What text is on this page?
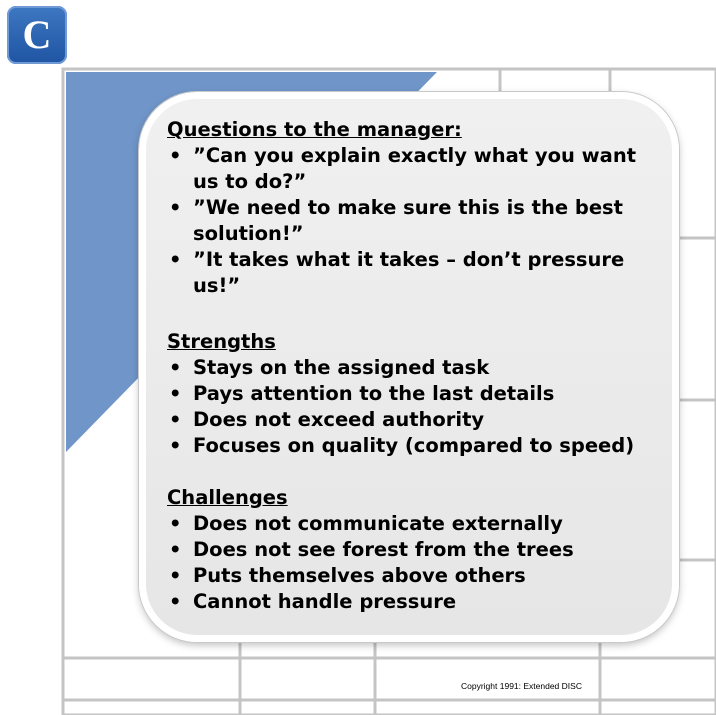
C
Questions to the manager:
• ”Can you explain exactly what you want us to do?”
• ”We need to make sure this is the best solution!”
• ”It takes what it takes – don’t pressure us!”
Strengths
• Stays on the assigned task
• Pays attention to the last details
• Does not exceed authority
• Focuses on quality (compared to speed)
Challenges
• Does not communicate externally
• Does not see forest from the trees
• Puts themselves above others
• Cannot handle pressure
Copyright 1991: Extended DISC
